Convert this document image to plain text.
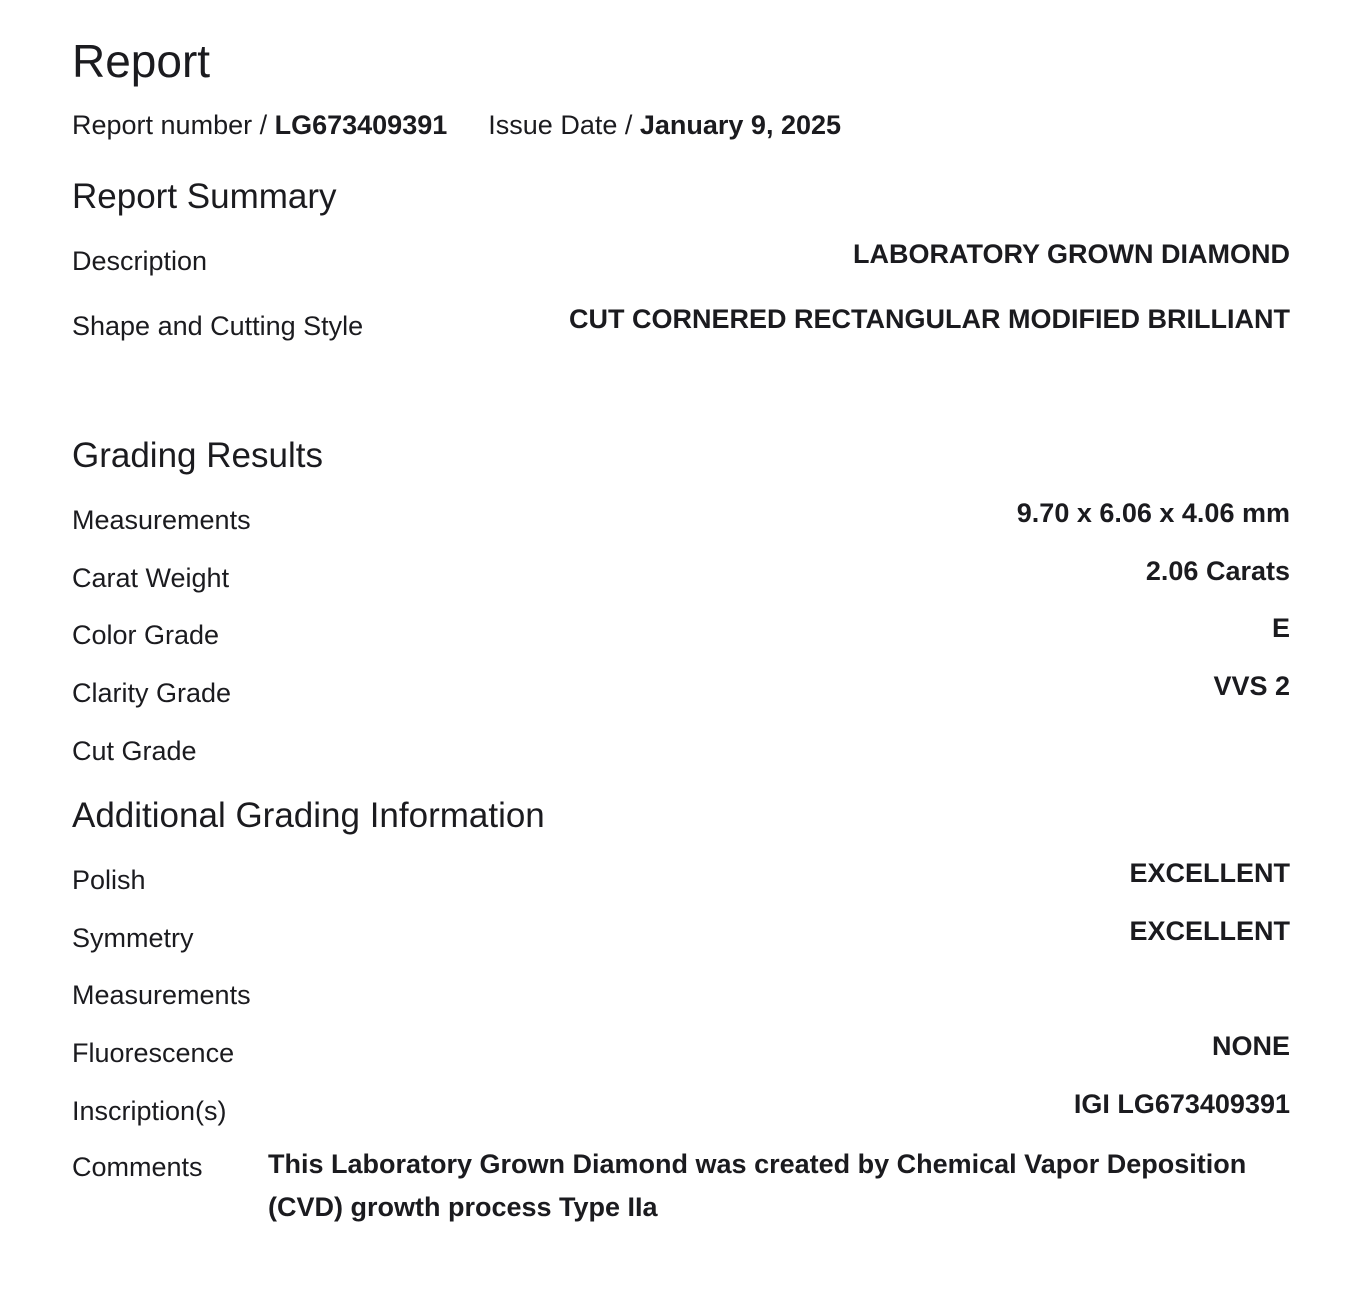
Report
Report number / LG673409391 Issue Date / January 9, 2025
Report Summary
Description	LABORATORY GROWN DIAMOND
Shape and Cutting Style	CUT CORNERED RECTANGULAR MODIFIED BRILLIANT
Grading Results
Measurements	9.70 x 6.06 x 4.06 mm
Carat Weight	2.06 Carats
Color Grade	E
Clarity Grade	VVS 2
Cut Grade
Additional Grading Information
Polish	EXCELLENT
Symmetry	EXCELLENT
Measurements
Fluorescence	NONE
Inscription(s)	IGI LG673409391
Comments This Laboratory Grown Diamond was created by Chemical Vapor Deposition (CVD) growth process Type IIa
